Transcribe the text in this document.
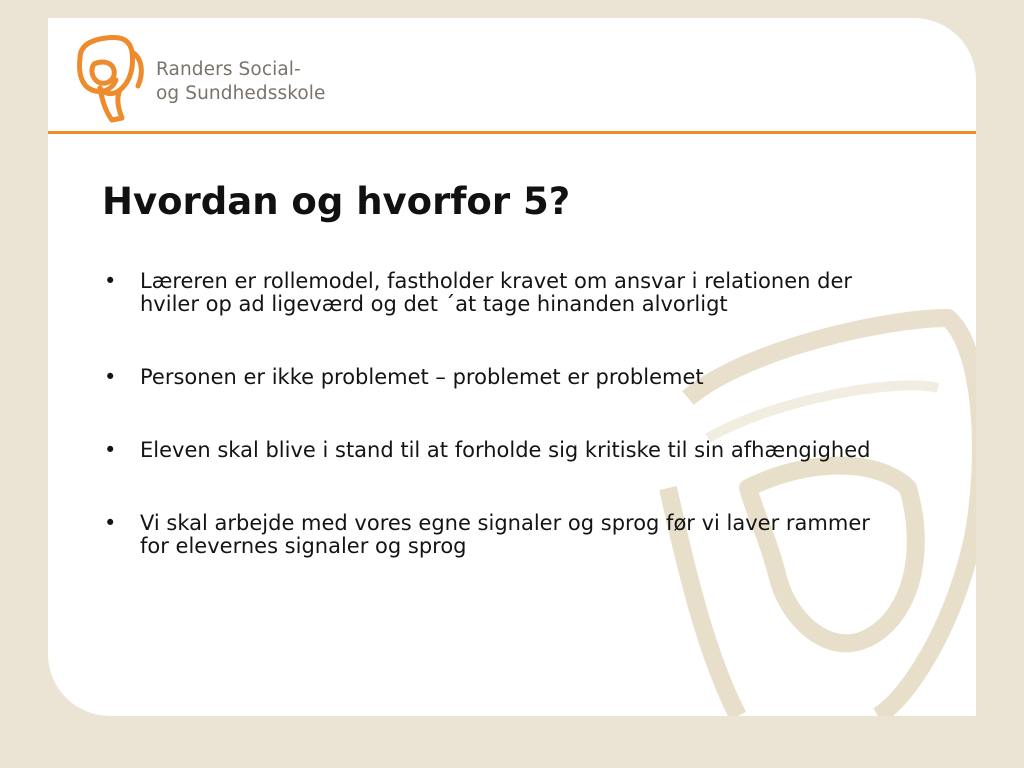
Randers Social-
og Sundhedsskole
Hvordan og hvorfor 5?
• Læreren er rollemodel, fastholder kravet om ansvar i relationen der hviler op ad ligeværd og det ´at tage hinanden alvorligt
• Personen er ikke problemet – problemet er problemet
• Eleven skal blive i stand til at forholde sig kritiske til sin afhængighed
• Vi skal arbejde med vores egne signaler og sprog før vi laver rammer for elevernes signaler og sprog
